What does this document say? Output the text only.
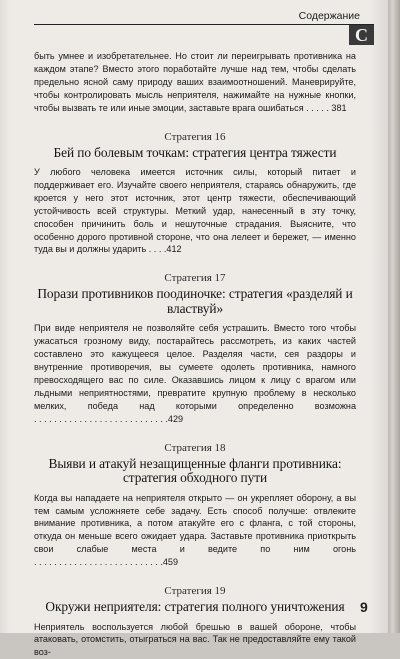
Содержание
С

быть умнее и изобретательнее. Но стоит ли переигрывать противника на каждом этапе? Вместо этого поработайте лучше над тем, чтобы сделать предельно ясной саму природу ваших взаимоотношений. Маневрируйте, чтобы контролировать мысль неприятеля, нажимайте на нужные кнопки, чтобы вызвать те или иные эмоции, заставьте врага ошибаться . . . . . 381

Стратегия 16

Бей по болевым точкам: стратегия центра тяжести

У любого человека имеется источник силы, который питает и поддерживает его. Изучайте своего неприятеля, стараясь обнаружить, где кроется у него этот источник, этот центр тяжести, обеспечивающий устойчивость всей структуры. Меткий удар, нанесенный в эту точку, способен причинить боль и нешуточные страдания. Выясните, что особенно дорого противной стороне, что она лелеет и бережет, — именно туда вы и должны ударить . . . .412

Стратегия 17

Порази противников поодиночке: стратегия «разделяй и властвуй»

При виде неприятеля не позволяйте себя устрашить. Вместо того чтобы ужасаться грозному виду, постарайтесь рассмотреть, из каких частей составлено это кажущееся целое. Разделяя части, сея раздоры и внутренние противоречия, вы сумеете одолеть противника, намного превосходящего вас по силе. Оказавшись лицом к лицу с врагом или льдными неприятностями, превратите крупную проблему в несколько мелких, победа над которыми определенно возможна . . . . . . . . . . . . . . . . . . . . . . . . . . .429

Стратегия 18

Выяви и атакуй незащищенные фланги противника: стратегия обходного пути

Когда вы нападаете на неприятеля открыто — он укрепляет оборону, а вы тем самым усложняете себе задачу. Есть способ получше: отвлеките внимание противника, а потом атакуйте его с фланга, с той стороны, откуда он меньше всего ожидает удара. Заставьте противника приоткрыть свои слабые места и ведите по ним огонь . . . . . . . . . . . . . . . . . . . . . . . . . .459

Стратегия 19

Окружи неприятеля: стратегия полного уничтожения

Неприятель воспользуется любой брешью в вашей обороне, чтобы атаковать, отомстить, отыграться на вас. Так не предоставляйте ему такой воз-

9
